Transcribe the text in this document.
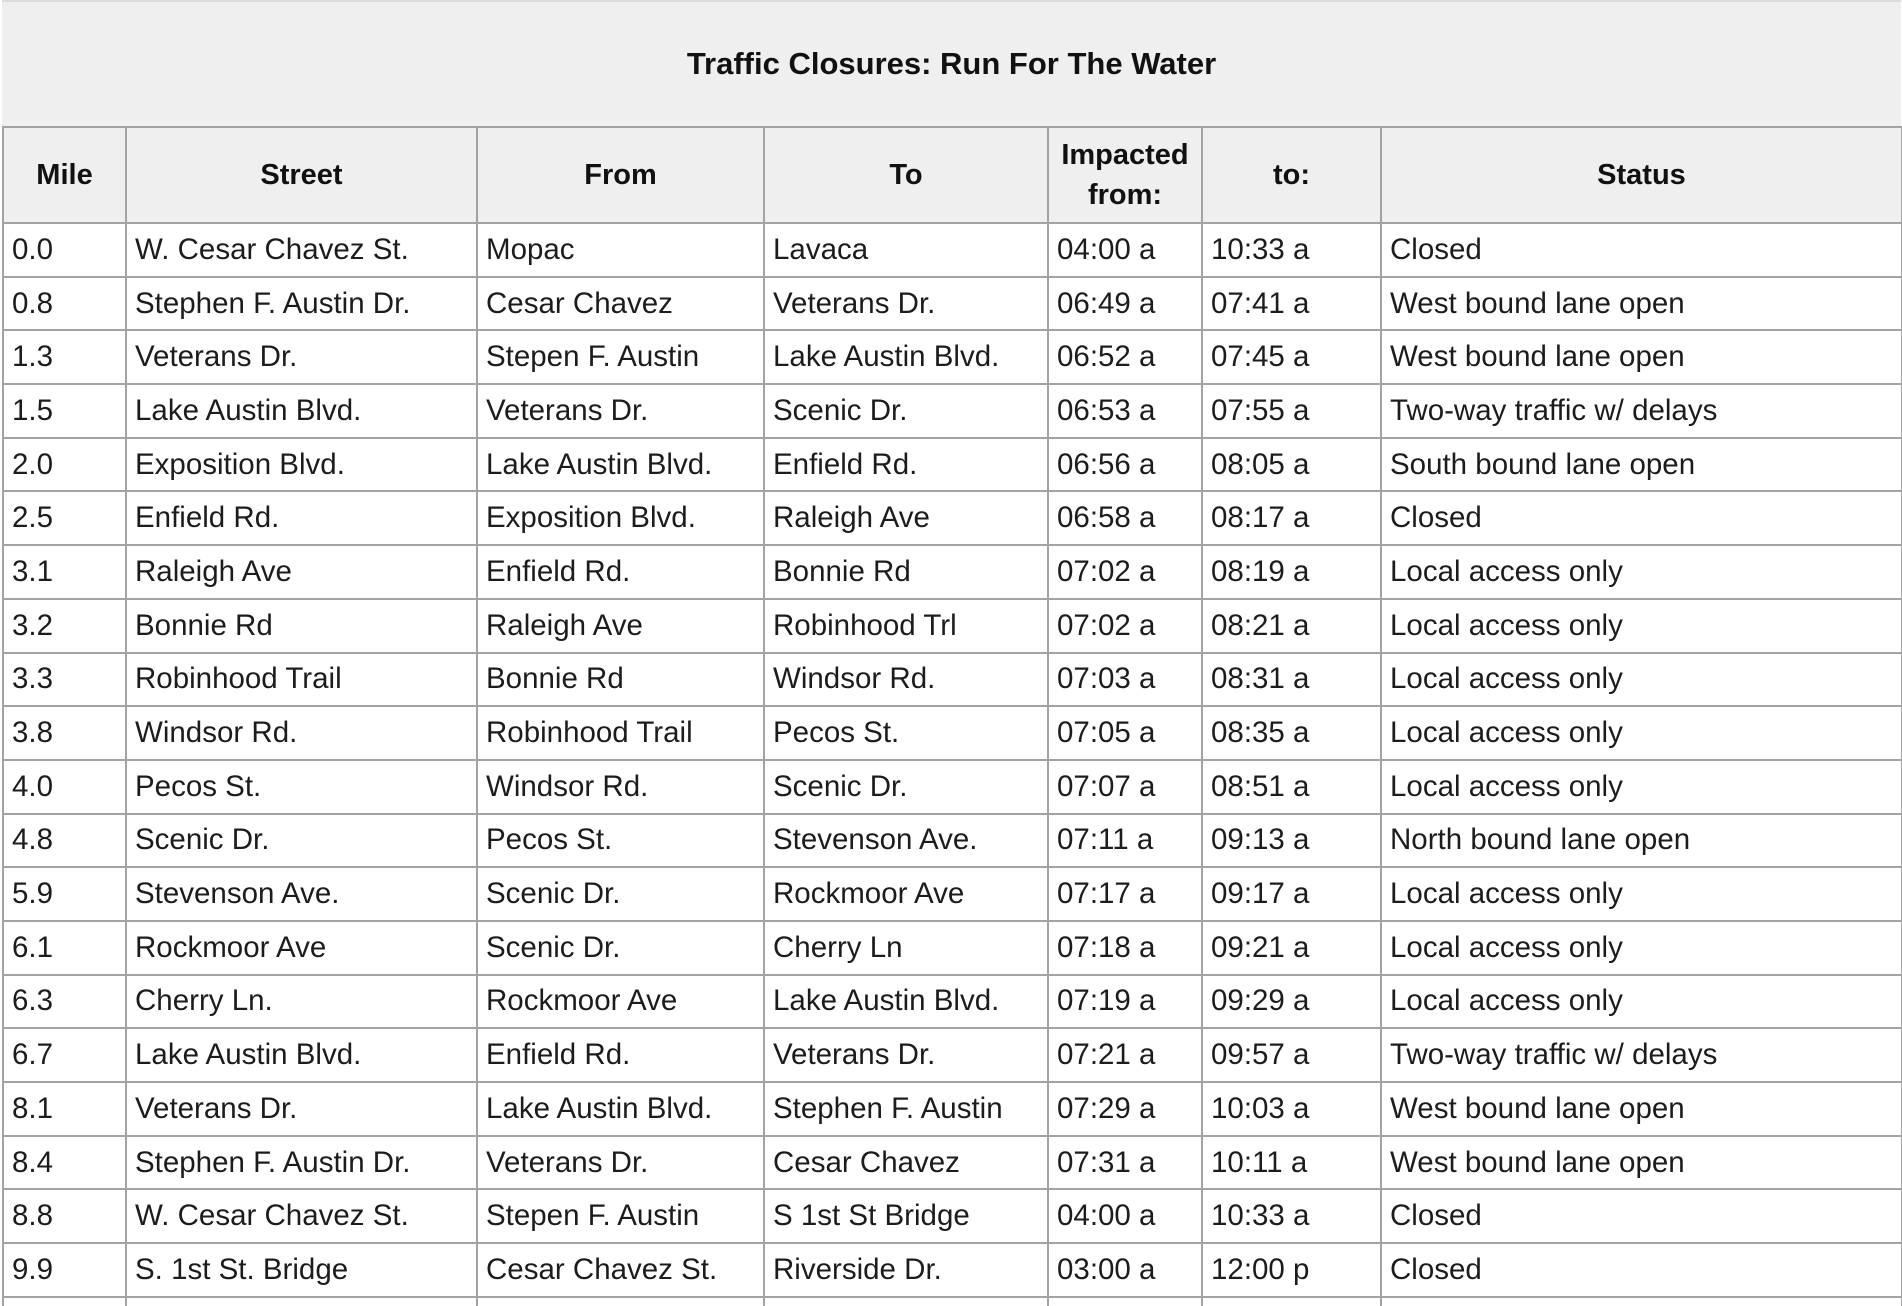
Traffic Closures: Run For The Water
Mile	Street	From	To	Impacted from:	to:	Status
0.0	W. Cesar Chavez St.	Mopac	Lavaca	04:00 a	10:33 a	Closed
0.8	Stephen F. Austin Dr.	Cesar Chavez	Veterans Dr.	06:49 a	07:41 a	West bound lane open
1.3	Veterans Dr.	Stepen F. Austin	Lake Austin Blvd.	06:52 a	07:45 a	West bound lane open
1.5	Lake Austin Blvd.	Veterans Dr.	Scenic Dr.	06:53 a	07:55 a	Two-way traffic w/ delays
2.0	Exposition Blvd.	Lake Austin Blvd.	Enfield Rd.	06:56 a	08:05 a	South bound lane open
2.5	Enfield Rd.	Exposition Blvd.	Raleigh Ave	06:58 a	08:17 a	Closed
3.1	Raleigh Ave	Enfield Rd.	Bonnie Rd	07:02 a	08:19 a	Local access only
3.2	Bonnie Rd	Raleigh Ave	Robinhood Trl	07:02 a	08:21 a	Local access only
3.3	Robinhood Trail	Bonnie Rd	Windsor Rd.	07:03 a	08:31 a	Local access only
3.8	Windsor Rd.	Robinhood Trail	Pecos St.	07:05 a	08:35 a	Local access only
4.0	Pecos St.	Windsor Rd.	Scenic Dr.	07:07 a	08:51 a	Local access only
4.8	Scenic Dr.	Pecos St.	Stevenson Ave.	07:11 a	09:13 a	North bound lane open
5.9	Stevenson Ave.	Scenic Dr.	Rockmoor Ave	07:17 a	09:17 a	Local access only
6.1	Rockmoor Ave	Scenic Dr.	Cherry Ln	07:18 a	09:21 a	Local access only
6.3	Cherry Ln.	Rockmoor Ave	Lake Austin Blvd.	07:19 a	09:29 a	Local access only
6.7	Lake Austin Blvd.	Enfield Rd.	Veterans Dr.	07:21 a	09:57 a	Two-way traffic w/ delays
8.1	Veterans Dr.	Lake Austin Blvd.	Stephen F. Austin	07:29 a	10:03 a	West bound lane open
8.4	Stephen F. Austin Dr.	Veterans Dr.	Cesar Chavez	07:31 a	10:11 a	West bound lane open
8.8	W. Cesar Chavez St.	Stepen F. Austin	S 1st St Bridge	04:00 a	10:33 a	Closed
9.9	S. 1st St. Bridge	Cesar Chavez St.	Riverside Dr.	03:00 a	12:00 p	Closed
